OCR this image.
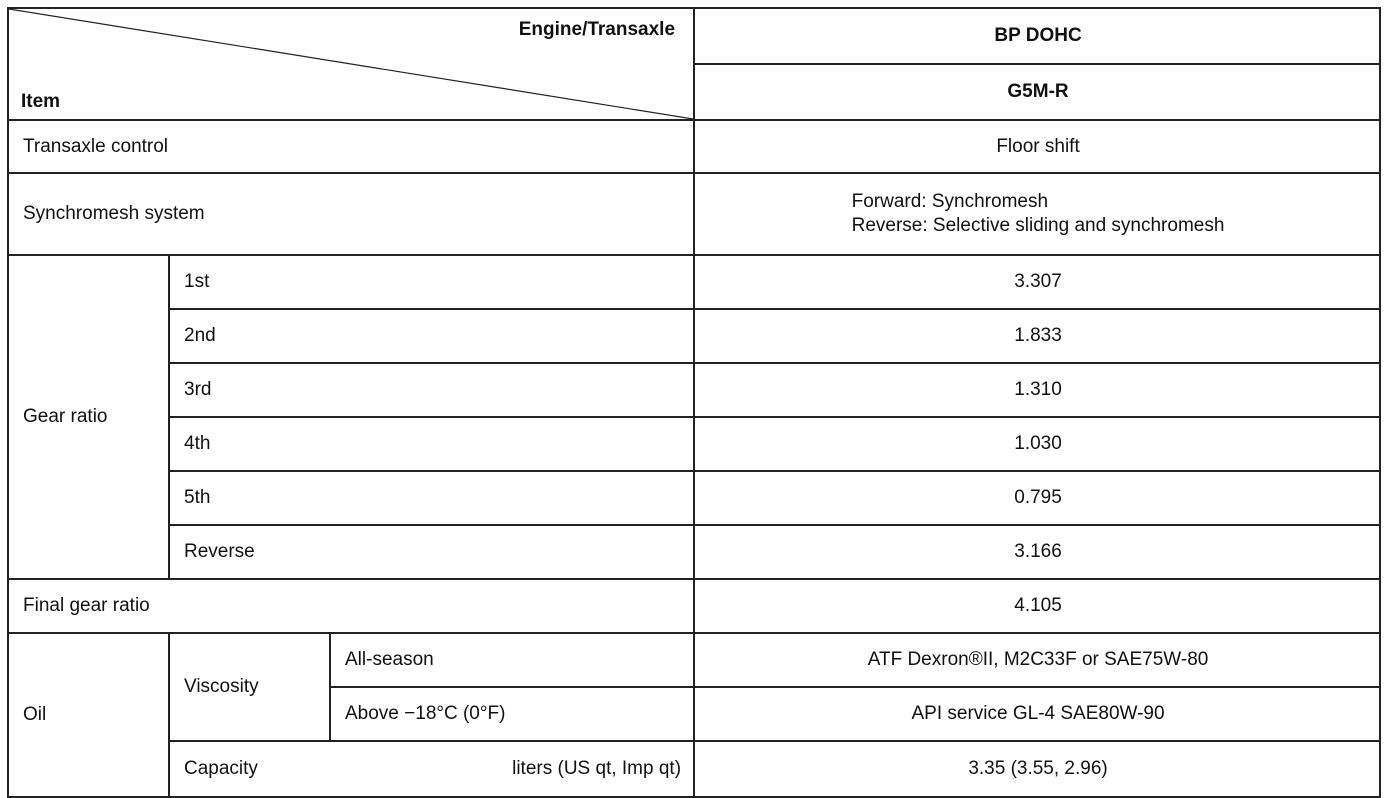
Engine/Transaxle
Item			BP DOHC
			G5M-R
Transaxle control			Floor shift
Synchromesh system			Forward: Synchromesh
Reverse: Selective sliding and synchromesh
Gear ratio	1st		3.307
	2nd		1.833
	3rd		1.310
	4th		1.030
	5th		0.795
	Reverse		3.166
Final gear ratio			4.105
Oil	Viscosity	All-season	ATF Dexron®II, M2C33F or SAE75W-80
		Above −18°C (0°F)	API service GL-4 SAE80W-90

	Capacity liters (US qt, Imp qt)		3.35 (3.55, 2.96)
